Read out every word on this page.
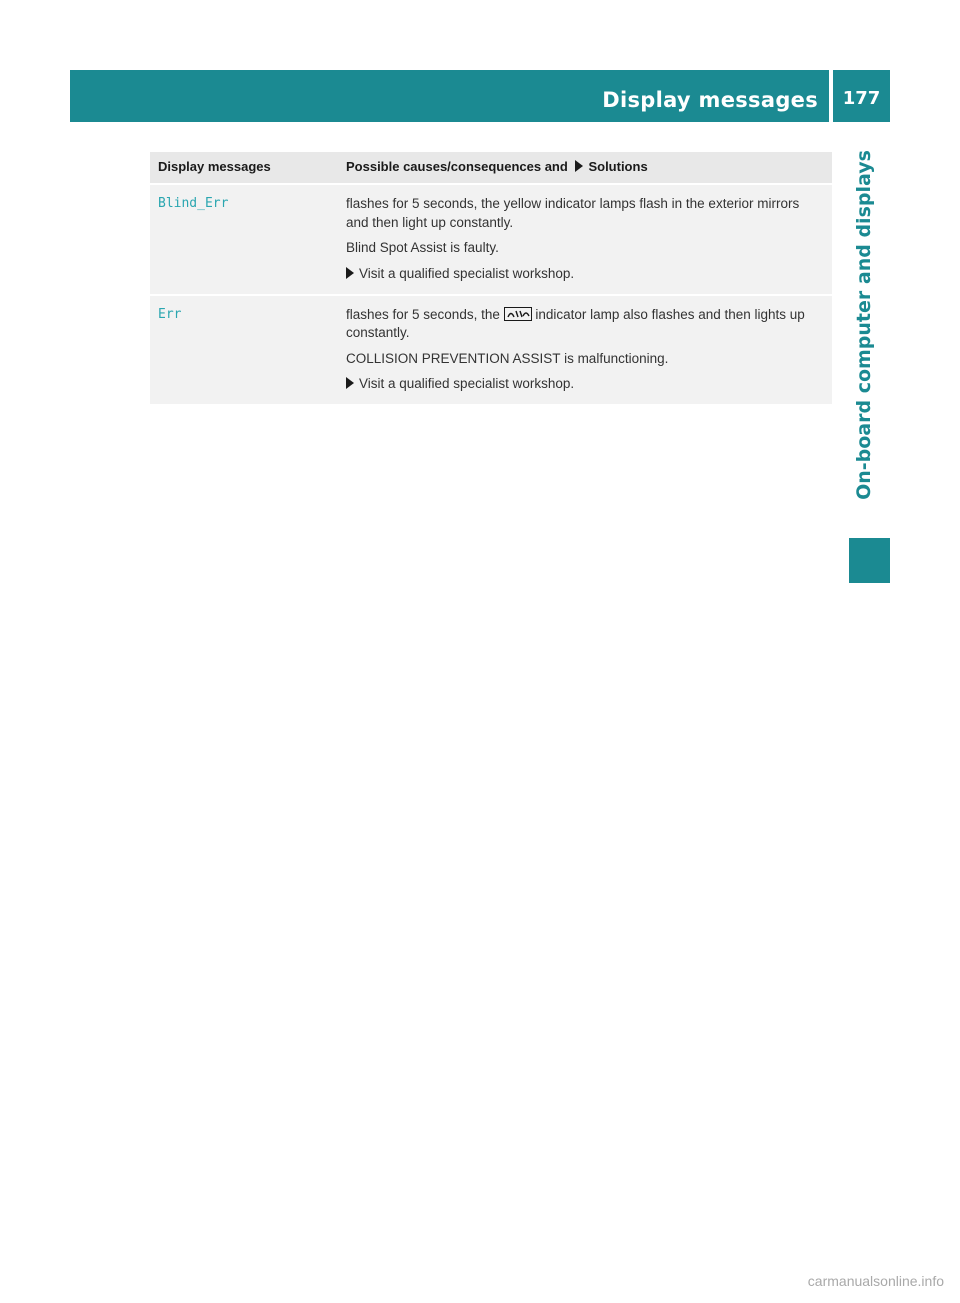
Display messages	177
On-board computer and displays
Display messages	Possible causes/consequences and Solutions
Blind_Err	flashes for 5 seconds, the yellow indicator lamps flash in the exterior mirrors and then light up constantly.

Blind Spot Assist is faulty.

Visit a qualified specialist workshop.

Err	flashes for 5 seconds, the indicator lamp also flashes and then lights up constantly.

COLLISION PREVENTION ASSIST is malfunctioning.

Visit a qualified specialist workshop.

carmanualsonline.info
